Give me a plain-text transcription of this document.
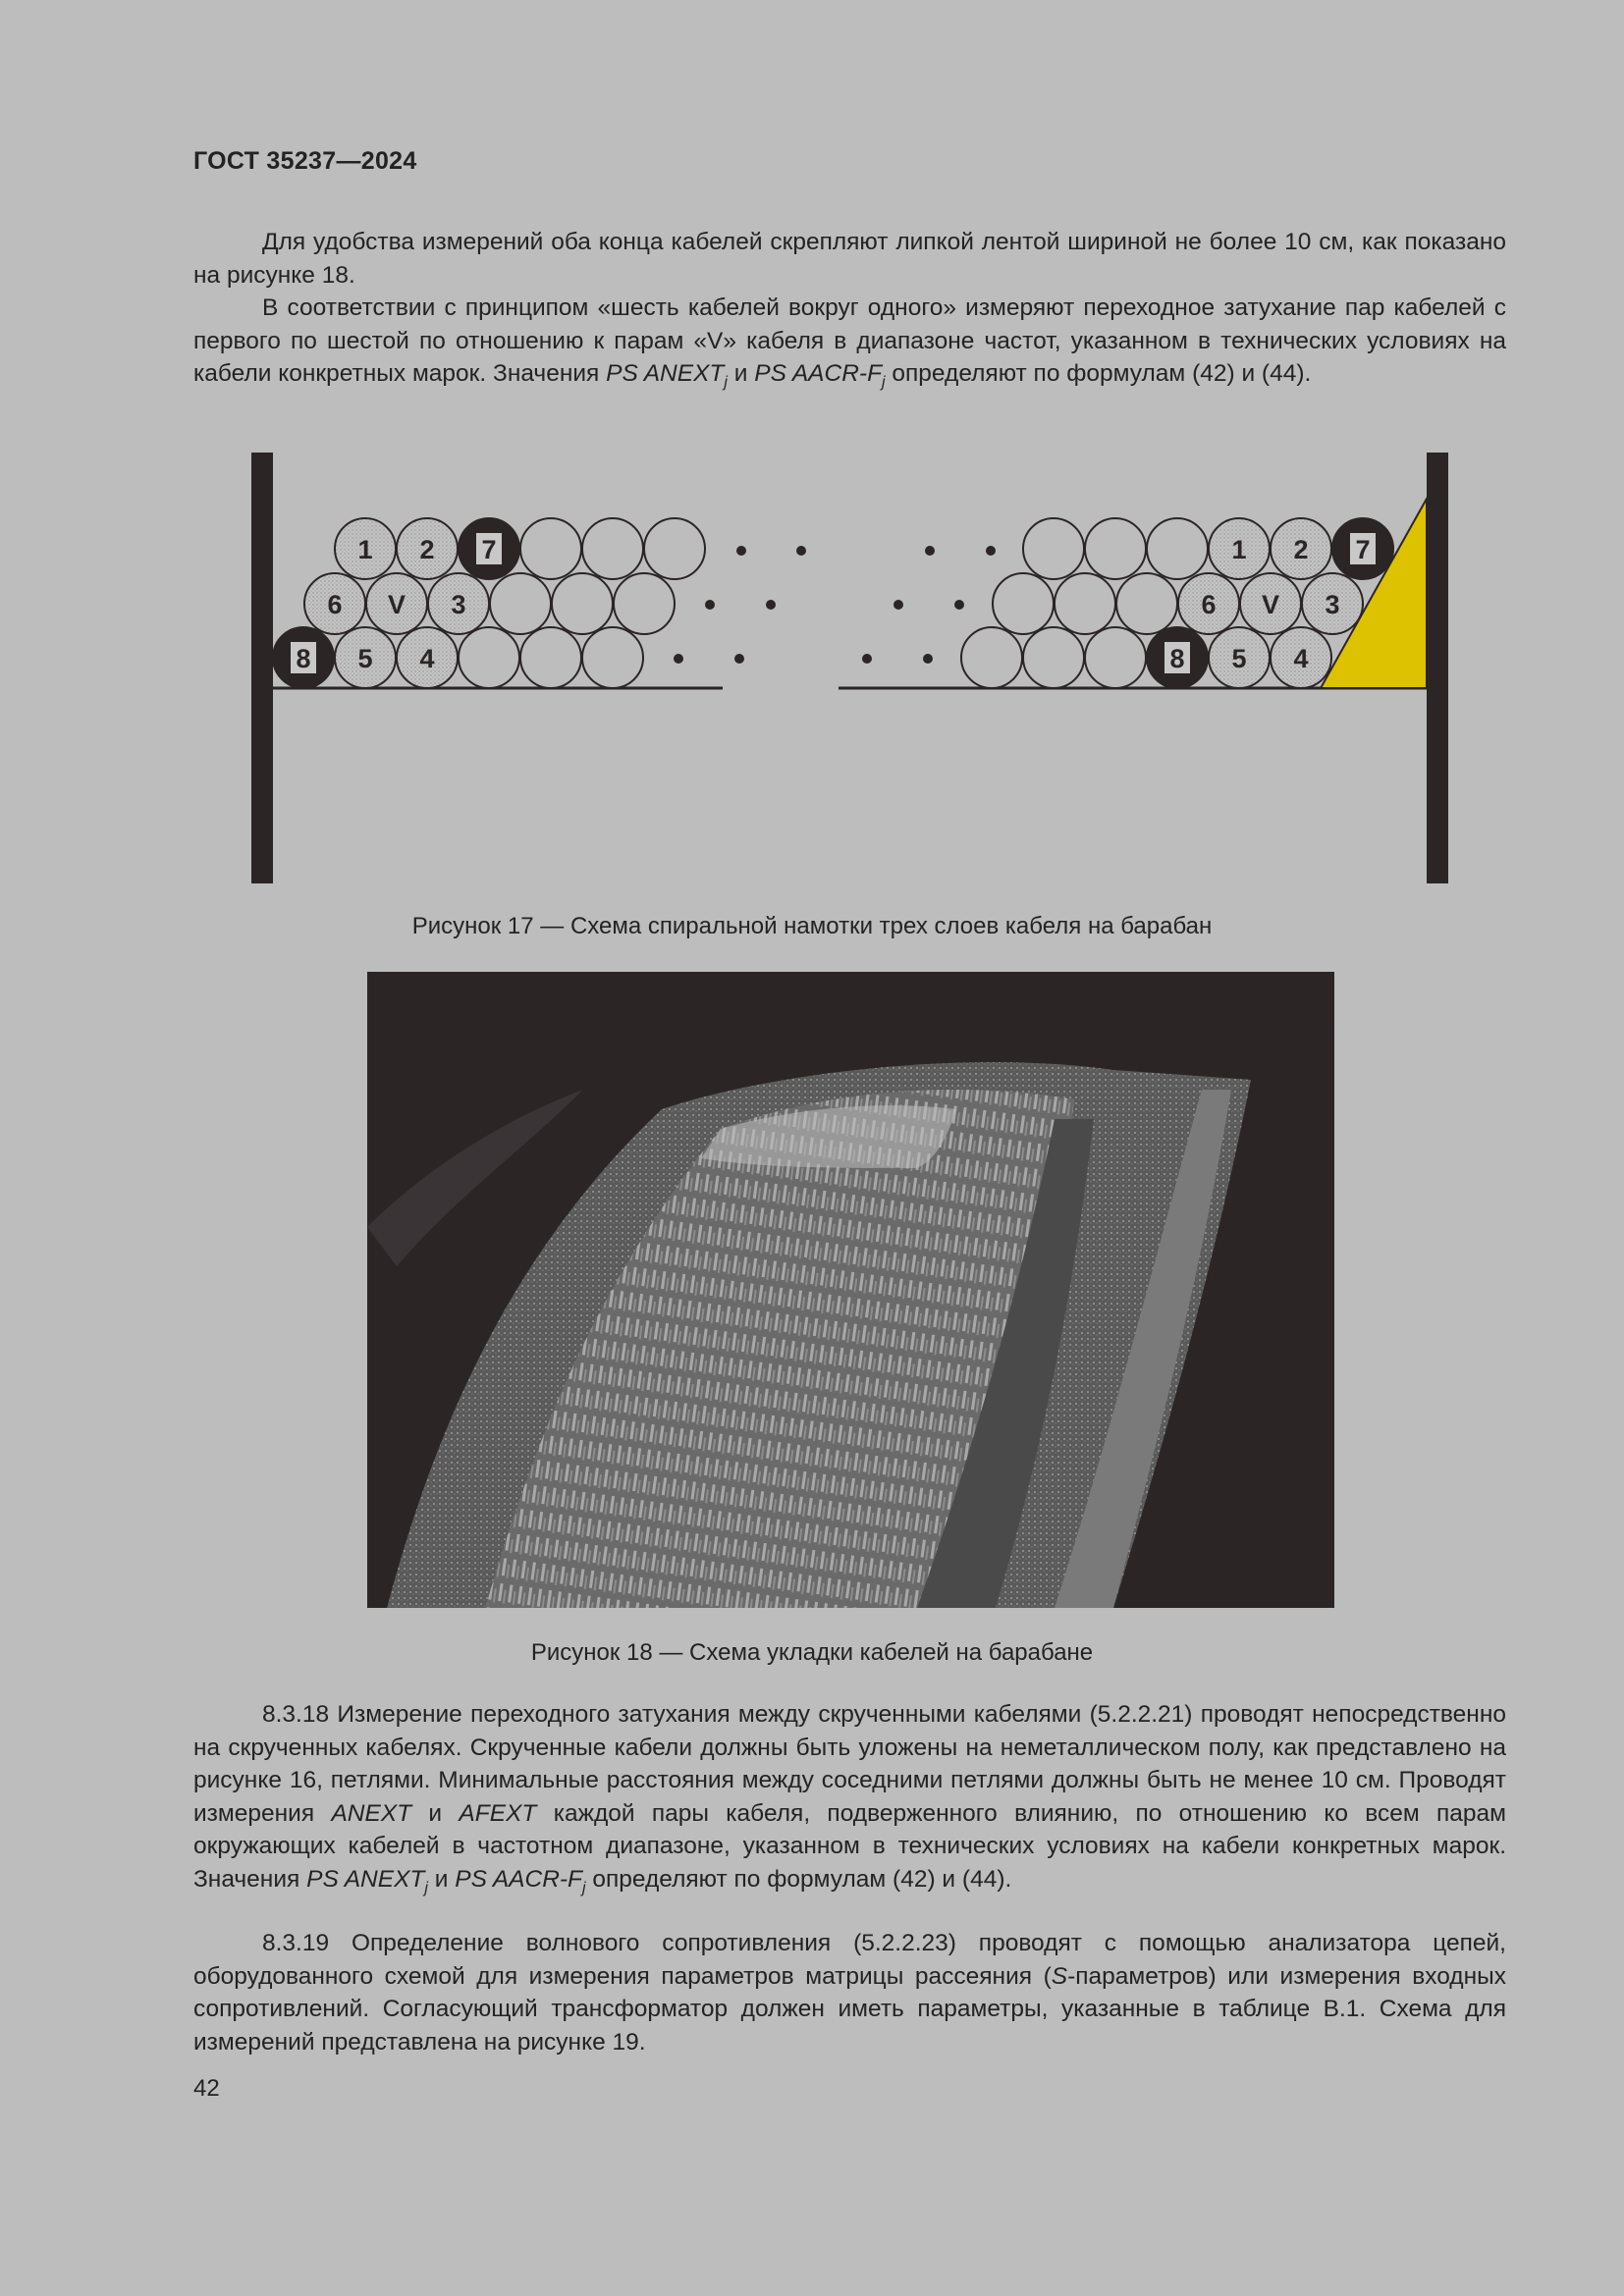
ГОСТ 35237—2024

Для удобства измерений оба конца кабелей скрепляют липкой лентой шириной не более 10 см, как показано на рисунке 18.

В соответствии с принципом «шесть кабелей вокруг одного» измеряют переходное затухание пар кабелей с первого по шестой по отношению к парам «V» кабеля в диапазоне частот, указанном в технических условиях на кабели конкретных марок. Значения PS $ANEXT_j$ и PS AACR-$F_j$ определяют по формулам (42) и (44).

1 2 7
6 V 3
8 5 4
1 2 7
6 V 3
8 5 4
Рисунок 17 — Схема спиральной намотки трех слоев кабеля на барабан
Рисунок 18 — Схема укладки кабелей на барабане

8.3.18 Измерение переходного затухания между скрученными кабелями (5.2.2.21) проводят непосредственно на скрученных кабелях. Скрученные кабели должны быть уложены на неметаллическом полу, как представлено на рисунке 16, петлями. Минимальные расстояния между соседними петлями должны быть не менее 10 см. Проводят измерения ANEXT и AFEXT каждой пары кабеля, подверженного влиянию, по отношению ко всем парам окружающих кабелей в частотном диапазоне, указанном в технических условиях на кабели конкретных марок. Значения PS $ANEXT_j$ и PS AACR-$F_j$ определяют по формулам (42) и (44).

8.3.19 Определение волнового сопротивления (5.2.2.23) проводят с помощью анализатора цепей, оборудованного схемой для измерения параметров матрицы рассеяния (S-параметров) или измерения входных сопротивлений. Согласующий трансформатор должен иметь параметры, указанные в таблице В.1. Схема для измерений представлена на рисунке 19.

42
